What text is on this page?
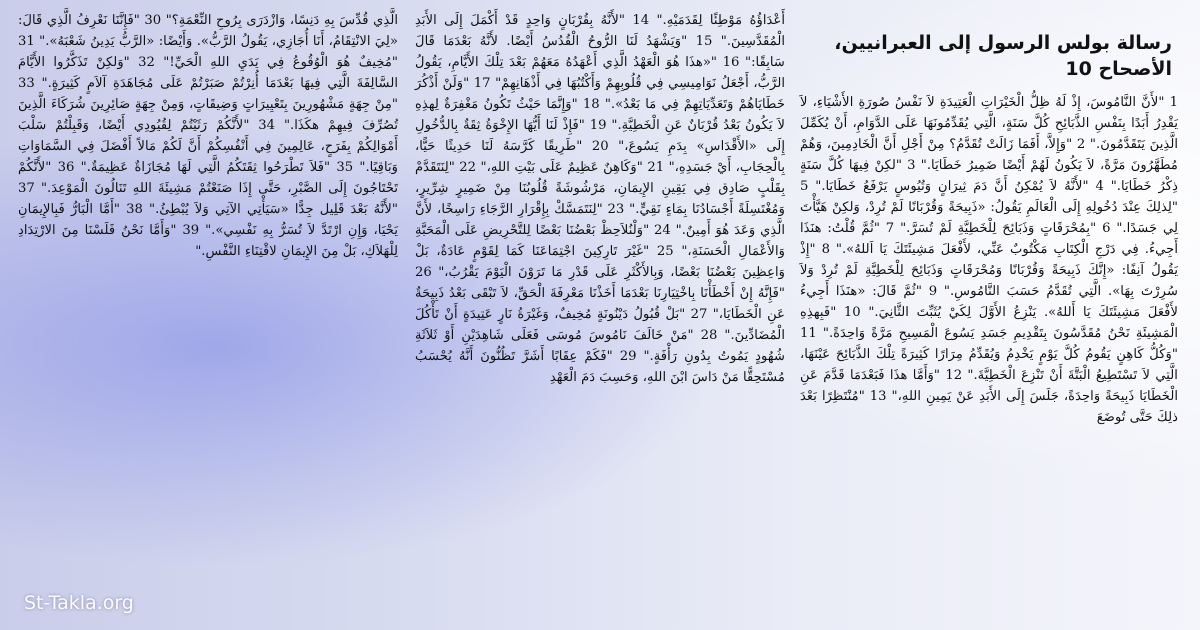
رسالة بولس الرسول إلى العبرانيين، الأصحاح 10

1 "لأَنَّ النَّامُوسَ، إِذْ لَهُ ظِلُّ الْخَيْرَاتِ الْعَتِيدَةِ لاَ نَفْسُ صُورَةِ الأَشْيَاءِ، لاَ يَقْدِرُ أَبَدًا بِنَفْسِ الذَّبَائِحِ كُلَّ سَنَةٍ، الَّتِي يُقَدِّمُونَهَا عَلَى الدَّوَامِ، أَنْ يُكَمِّلَ الَّذِينَ يَتَقَدَّمُونَ." 2 "وَإِلاَّ، أَفَمَا زَالَتْ تُقَدَّمُ؟ مِنْ أَجْلِ أَنَّ الْخَادِمِينَ، وَهُمْ مُطَهَّرُونَ مَرَّةً، لاَ يَكُونُ لَهُمْ أَيْضًا ضَمِيرُ خَطَايَا." 3 "لكِنْ فِيهَا كُلَّ سَنَةٍ ذِكْرُ خَطَايَا." 4 "لأَنَّهُ لاَ يُمْكِنُ أَنَّ دَمَ ثِيرَانٍ وَتُيُوسٍ يَرْفَعُ خَطَايَا." 5 "لِذلِكَ عِنْدَ دُخُولِهِ إِلَى الْعَالَمِ يَقُولُ: «ذَبِيحَةً وَقُرْبَانًا لَمْ تُرِدْ، وَلكِنْ هَيَّأْتَ لِي جَسَدًا." 6 "بِمُحْرَقَاتٍ وَذَبَائِحَ لِلْخَطِيَّةِ لَمْ تُسَرَّ." 7 "ثُمَّ قُلْتُ: هنَذَا أَجِيءُ. فِي دَرْجِ الْكِتَابِ مَكْتُوبٌ عَنِّي، لأَفْعَلَ مَشِيئَتَكَ يَا اَللهُ»." 8 "إِذْ يَقُولُ آنِفًا: «إِنَّكَ ذَبِيحَةً وَقُرْبَانًا وَمُحْرَقَاتٍ وَذَبَائِحَ لِلْخَطِيَّةِ لَمْ تُرِدْ وَلاَ سُرِرْتَ بِهَا». الَّتِي تُقَدَّمُ حَسَبَ النَّامُوسِ." 9 "ثُمَّ قَالَ: «هنَذَا أَجِيءُ لأَفْعَلَ مَشِيئَتَكَ يَا أَللهُ». يَنْزِعُ الأَوَّلَ لِكَيْ يُثَبِّتَ الثَّانِيَ." 10 "فَبِهذِهِ الْمَشِيئَةِ نَحْنُ مُقَدَّسُونَ بِتَقْدِيمِ جَسَدِ يَسُوعَ الْمَسِيحِ مَرَّةً وَاحِدَةً." 11 "وَكُلُّ كَاهِنٍ يَقُومُ كُلَّ يَوْمٍ يَخْدِمُ وَيُقَدِّمُ مِرَارًا كَثِيرَةً تِلْكَ الذَّبَائِحَ عَيْنَهَا، الَّتِي لاَ تَسْتَطِيعُ الْبَتَّةَ أَنْ تَنْزِعَ الْخَطِيَّةَ." 12 "وَأَمَّا هذَا فَبَعْدَمَا قَدَّمَ عَنِ الْخَطَايَا ذَبِيحَةً وَاحِدَةً، جَلَسَ إِلَى الأَبَدِ عَنْ يَمِينِ اللهِ،" 13 "مُنْتَظِرًا بَعْدَ ذلِكَ حَتَّى تُوضَعَ

أَعْدَاؤُهُ مَوْطِئًا لِقَدَمَيْهِ." 14 "لأَنَّهُ بِقُرْبَانٍ وَاحِدٍ قَدْ أَكْمَلَ إِلَى الأَبَدِ الْمُقَدَّسِينَ." 15 "وَيَشْهَدُ لَنَا الرُّوحُ الْقُدُسُ أَيْضًا. لأَنَّهُ بَعْدَمَا قَالَ سَابِقًا:" 16 "«هذَا هُوَ الْعَهْدُ الَّذِي أَعْهَدُهُ مَعَهُمْ بَعْدَ تِلْكَ الأَيَّامِ، يَقُولُ الرَّبُّ، أَجْعَلُ نَوَامِيسِي فِي قُلُوبِهِمْ وَأَكْتُبُهَا فِي أَذْهَانِهِمْ" 17 "وَلَنْ أَذْكُرَ خَطَايَاهُمْ وَتَعَدِّيَاتِهِمْ فِي مَا بَعْدُ»." 18 "وَإِنَّمَا حَيْثُ تَكُونُ مَغْفِرَةٌ لِهذِهِ لاَ يَكُونُ بَعْدُ قُرْبَانٌ عَنِ الْخَطِيَّةِ." 19 "فَإِذْ لَنَا أَيُّهَا الإِخْوَةُ ثِقَةٌ بِالدُّخُولِ إِلَى «الأَقْدَاسِ» بِدَمِ يَسُوعَ،" 20 "طَرِيقًا كَرَّسَهُ لَنَا حَدِيثًا حَيًّا، بِالْحِجَابِ، أَيْ جَسَدِهِ،" 21 "وَكَاهِنٌ عَظِيمٌ عَلَى بَيْتِ اللهِ،" 22 "لِنَتَقَدَّمْ بِقَلْبٍ صَادِق فِي يَقِينِ الإِيمَانِ، مَرْشُوشَةً قُلُوبُنَا مِنْ ضَمِيرٍ شِرِّيرٍ، وَمُغْتَسِلَةً أَجْسَادُنَا بِمَاءٍ نَقِيٍّ." 23 "لِنَتَمَسَّكْ بِإِقْرَارِ الرَّجَاءِ رَاسِخًا، لأَنَّ الَّذِي وَعَدَ هُوَ أَمِينٌ." 24 "وَلْنُلاَحِظْ بَعْضُنَا بَعْضًا لِلتَّحْرِيضِ عَلَى الْمَحَبَّةِ وَالأَعْمَالِ الْحَسَنَةِ،" 25 "غَيْرَ تَارِكِينَ اجْتِمَاعَنَا كَمَا لِقَوْمٍ عَادَةٌ، بَلْ وَاعِظِينَ بَعْضُنَا بَعْضًا، وَبِالأَكْثَرِ عَلَى قَدْرِ مَا تَرَوْنَ الْيَوْمَ يَقْرُبُ،" 26 "فَإِنَّهُ إِنْ أَخْطَأْنَا بِاخْتِيَارِنَا بَعْدَمَا أَخَذْنَا مَعْرِفَةَ الْحَقِّ، لاَ تَبْقَى بَعْدُ ذَبِيحَةٌ عَنِ الْخَطَايَا،" 27 "بَلْ قُبُولُ دَيْنُونَةٍ مُخِيفٌ، وَغَيْرَةُ نَارٍ عَتِيدَةٍ أَنْ تَأْكُلَ الْمُضَادِّينَ." 28 "مَنْ خَالَفَ نَامُوسَ مُوسَى فَعَلَى شَاهِدَيْنِ أَوْ ثَلاَثَةِ شُهُودٍ يَمُوتُ بِدُونِ رَأْفَةٍ." 29 "فَكَمْ عِقَابًا أَشَرَّ تَظُنُّونَ أَنَّهُ يُحْسَبُ مُسْتَحِقًّا مَنْ دَاسَ ابْنَ اللهِ، وَحَسِبَ دَمَ الْعَهْدِ

الَّذِي قُدِّسَ بِهِ دَنِسًا، وَازْدَرَى بِرُوحِ النِّعْمَةِ؟" 30 "فَإِنَّنَا نَعْرِفُ الَّذِي قَالَ: «لِيَ الانْتِقَامُ، أَنَا أُجَازِي، يَقُولُ الرَّبُّ». وَأَيْضًا: «الرَّبُّ يَدِينُ شَعْبَهُ»." 31 "مُخِيفٌ هُوَ الْوُقُوعُ فِي يَدَيِ اللهِ الْحَيِّ!" 32 "وَلكِنْ تَذَكَّرُوا الأَيَّامَ السَّالِفَةَ الَّتِي فِيهَا بَعْدَمَا أُنِرْتُمْ صَبَرْتُمْ عَلَى مُجَاهَدَةِ آلاَمٍ كَثِيرَةٍ." 33 "مِنْ جِهَةٍ مَشْهُورِينَ بِتَعْيِيرَاتٍ وَضِيقَاتٍ، وَمِنْ جِهَةٍ صَائِرِينَ شُرَكَاءَ الَّذِينَ تُصُرِّفَ فِيهِمْ هكَذَا." 34 "لأَنَّكُمْ رَثَيْتُمْ لِقُيُودِي أَيْضًا، وَقَبِلْتُمْ سَلْبَ أَمْوَالِكُمْ بِفَرَحٍ، عَالِمِينَ فِي أَنْفُسِكُمْ أَنَّ لَكُمْ مَالاً أَفْضَلَ فِي السَّمَاوَاتِ وَبَاقِيًا." 35 "فَلاَ تَطْرَحُوا ثِقَتَكُمُ الَّتِي لَهَا مُجَازَاةٌ عَظِيمَةٌ." 36 "لأَنَّكُمْ تَحْتَاجُونَ إِلَى الصَّبْرِ، حَتَّى إِذَا صَنَعْتُمْ مَشِيئَةَ اللهِ تَنَالُونَ الْمَوْعِدَ." 37 "لأَنَّهُ بَعْدَ قَلِيل جِدًّا «سَيَأْتِي الآتِي وَلاَ يُبْطِئُ." 38 "أَمَّا الْبَارُّ فَبِالإِيمَانِ يَحْيَا، وَإِنِ ارْتَدَّ لاَ تُسَرُّ بِهِ نَفْسِي»." 39 "وَأَمَّا نَحْنُ فَلَسْنَا مِنَ الارْتِدَادِ لِلْهَلاَكِ، بَلْ مِنَ الإِيمَانِ لاقْتِنَاءِ النَّفْسِ."

St-Takla.org
